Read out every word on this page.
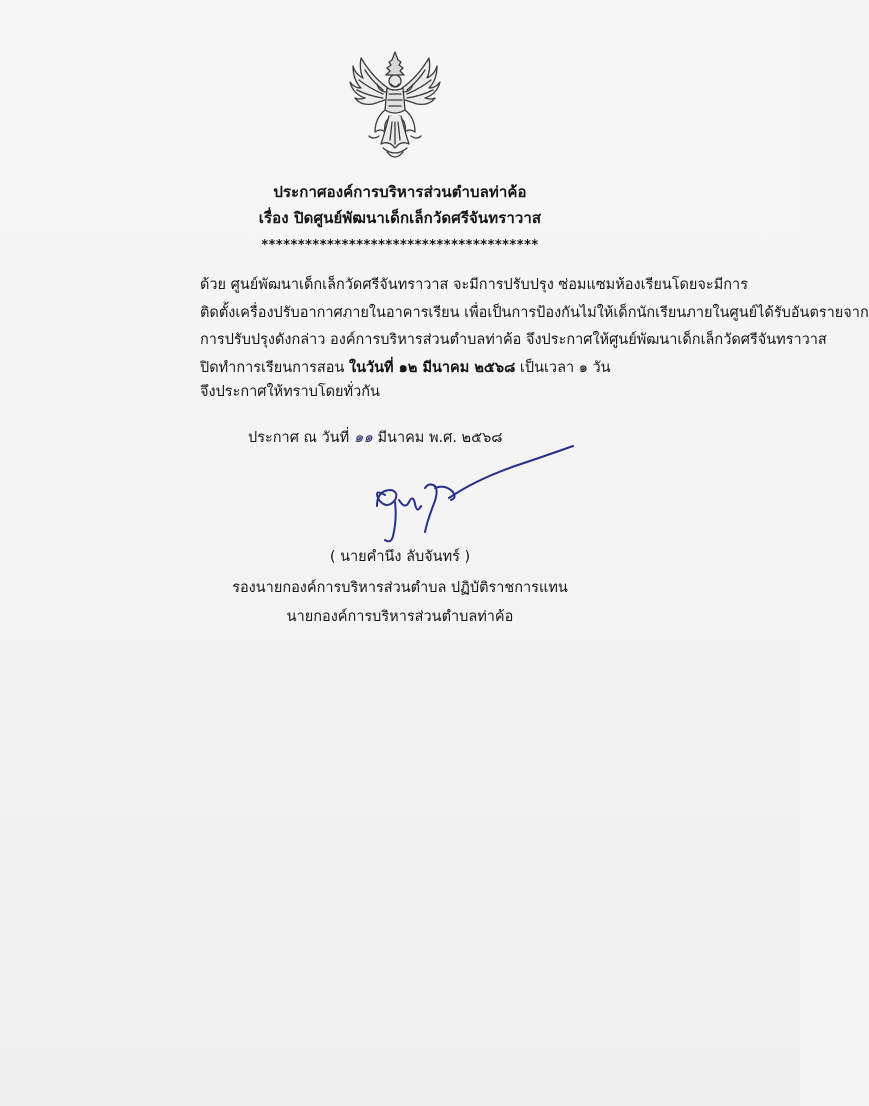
ประกาศองค์การบริหารส่วนตำบลท่าค้อ
เรื่อง ปิดศูนย์พัฒนาเด็กเล็กวัดศรีจันทราวาส
**************************************
ด้วย ศูนย์พัฒนาเด็กเล็กวัดศรีจันทราวาส จะมีการปรับปรุง ซ่อมแซมห้องเรียนโดยจะมีการ
ติดตั้งเครื่องปรับอากาศภายในอาคารเรียน เพื่อเป็นการป้องกันไม่ให้เด็กนักเรียนภายในศูนย์ได้รับอันตรายจาก
การปรับปรุงดังกล่าว องค์การบริหารส่วนตำบลท่าค้อ จึงประกาศให้ศูนย์พัฒนาเด็กเล็กวัดศรีจันทราวาส
ปิดทำการเรียนการสอน ในวันที่ ๑๒ มีนาคม ๒๕๖๘ เป็นเวลา ๑ วัน
จึงประกาศให้ทราบโดยทั่วกัน
ประกาศ ณ วันที่ ๑๑ มีนาคม พ.ศ. ๒๕๖๘
( นายคำนึง ลับจันทร์ )
รองนายกองค์การบริหารส่วนตำบล ปฏิบัติราชการแทน
นายกองค์การบริหารส่วนตำบลท่าค้อ
